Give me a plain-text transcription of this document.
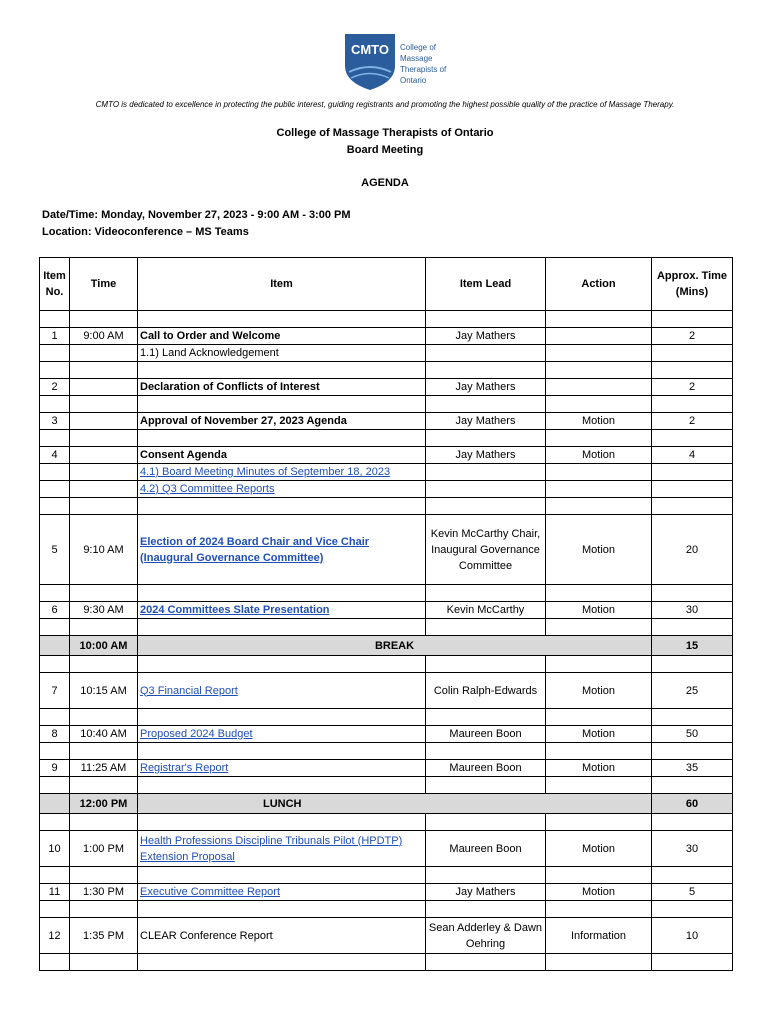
CMTO College of
Massage
Therapists of
Ontario
CMTO is dedicated to excellence in protecting the public interest, guiding registrants and promoting the highest possible quality of the practice of Massage Therapy.
College of Massage Therapists of Ontario
Board Meeting
AGENDA
Date/Time: Monday, November 27, 2023 - 9:00 AM - 3:00 PM
Location: Videoconference – MS Teams
Item No.	Time	Item	Item Lead	Action	Approx. Time (Mins)

1	9:00 AM	Call to Order and Welcome	Jay Mathers		2
		1.1) Land Acknowledgement			

2		Declaration of Conflicts of Interest	Jay Mathers		2

3		Approval of November 27, 2023 Agenda	Jay Mathers	Motion	2

4		Consent Agenda	Jay Mathers	Motion	4
		4.1) Board Meeting Minutes of September 18, 2023			
		4.2) Q3 Committee Reports			

5	9:10 AM	Election of 2024 Board Chair and Vice Chair (Inaugural Governance Committee)	Kevin McCarthy Chair, Inaugural Governance Committee	Motion	20

6	9:30 AM	2024 Committees Slate Presentation	Kevin McCarthy	Motion	30

	10:00 AM	BREAK			15

7	10:15 AM	Q3 Financial Report	Colin Ralph-Edwards	Motion	25

8	10:40 AM	Proposed 2024 Budget	Maureen Boon	Motion	50

9	11:25 AM	Registrar's Report	Maureen Boon	Motion	35

	12:00 PM	LUNCH			60

10	1:00 PM	Health Professions Discipline Tribunals Pilot (HPDTP) Extension Proposal	Maureen Boon	Motion	30

11	1:30 PM	Executive Committee Report	Jay Mathers	Motion	5

12	1:35 PM	CLEAR Conference Report	Sean Adderley & Dawn Oehring	Information	10
